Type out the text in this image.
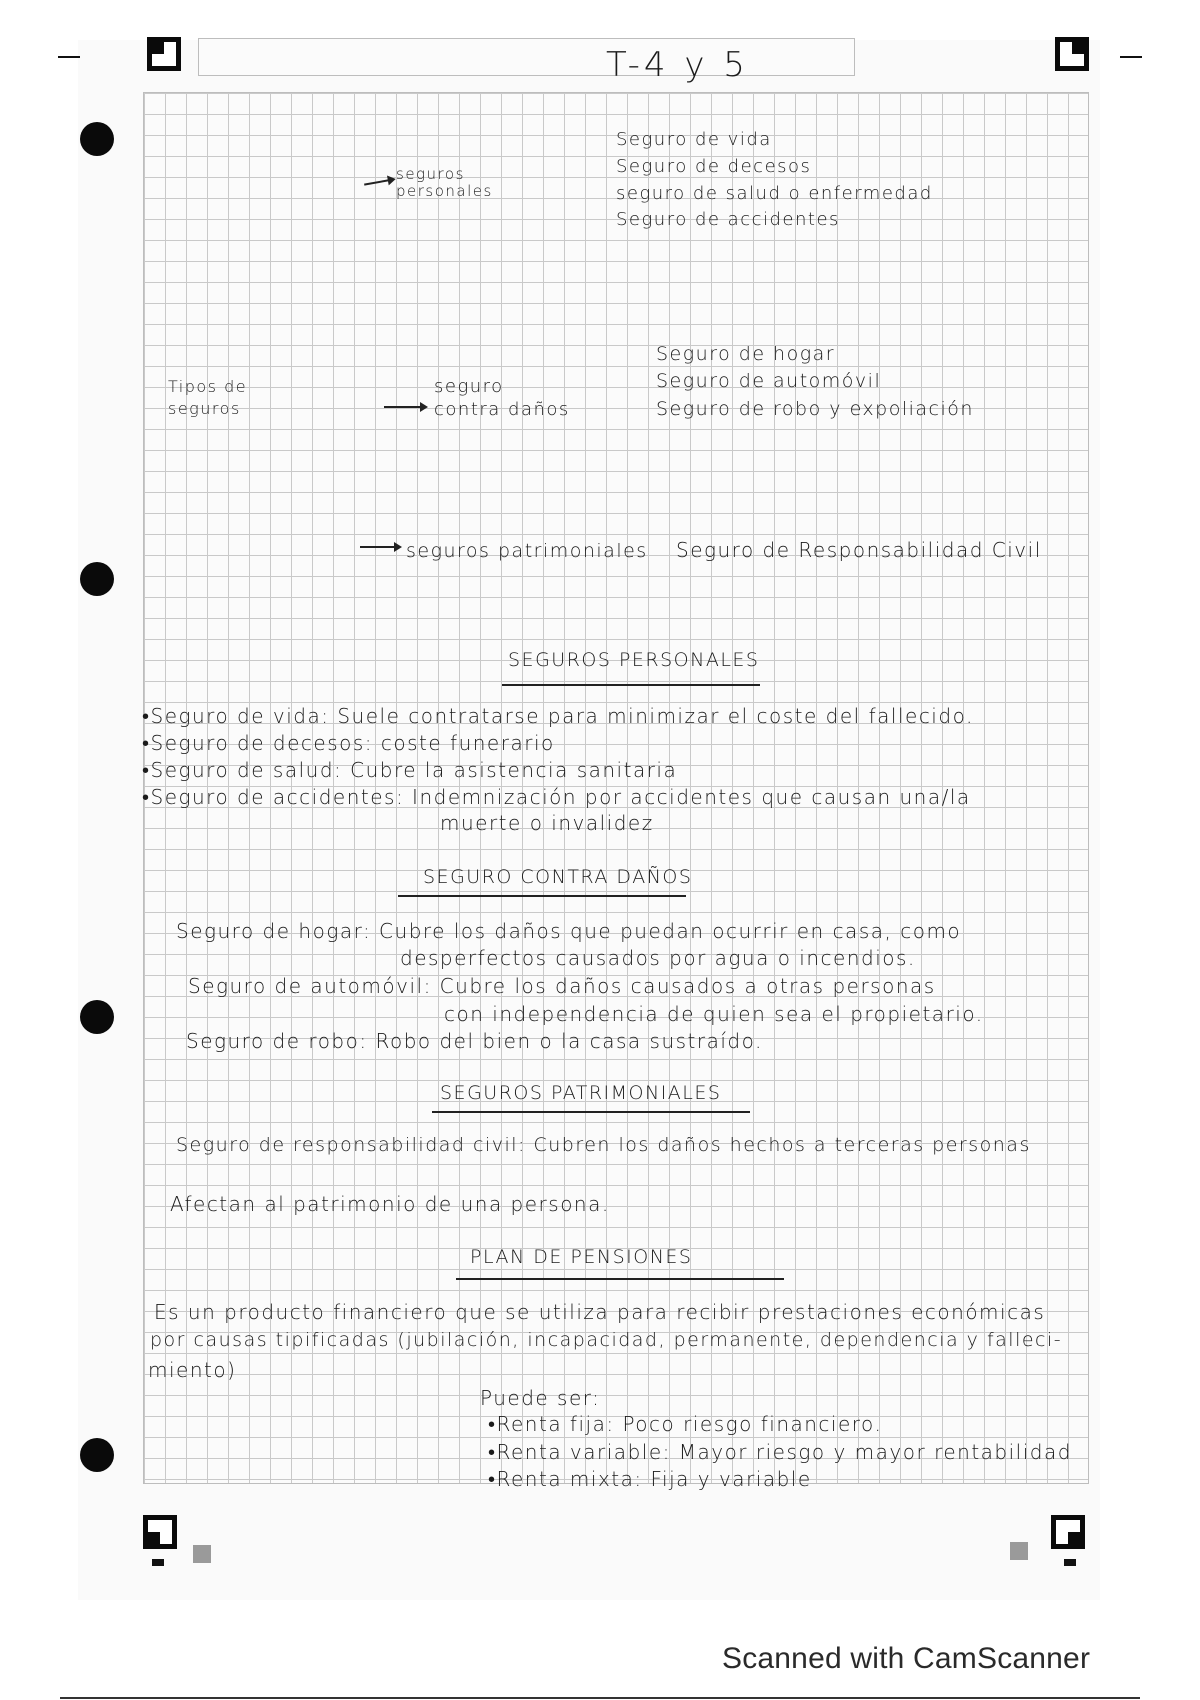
T-4 y 5
Tipos de seguros
seguros personales
Seguro de vida
Seguro de decesos
seguro de salud o enfermedad
Seguro de accidentes
seguro contra daños
Seguro de hogar
Seguro de automóvil
Seguro de robo y expoliación
seguros patrimoniales Seguro de Responsabilidad Civil
SEGUROS PERSONALES
•Seguro de vida: Suele contratarse para minimizar el coste del fallecido.
•Seguro de decesos: coste funerario
•Seguro de salud: Cubre la asistencia sanitaria
•Seguro de accidentes: Indemnización por accidentes que causan una/la
muerte o invalidez
SEGURO CONTRA DAÑOS
Seguro de hogar: Cubre los daños que puedan ocurrir en casa, como
desperfectos causados por agua o incendios.
Seguro de automóvil: Cubre los daños causados a otras personas
con independencia de quien sea el propietario.
Seguro de robo: Robo del bien o la casa sustraído.
SEGUROS PATRIMONIALES
Seguro de responsabilidad civil: Cubren los daños hechos a terceras personas
Afectan al patrimonio de una persona.
PLAN DE PENSIONES
Es un producto financiero que se utiliza para recibir prestaciones económicas
por causas tipificadas (jubilación, incapacidad, permanente, dependencia y falleci-
miento)
Puede ser:
•Renta fija: Poco riesgo financiero.
•Renta variable: Mayor riesgo y mayor rentabilidad
•Renta mixta: Fija y variable
Scanned with CamScanner
